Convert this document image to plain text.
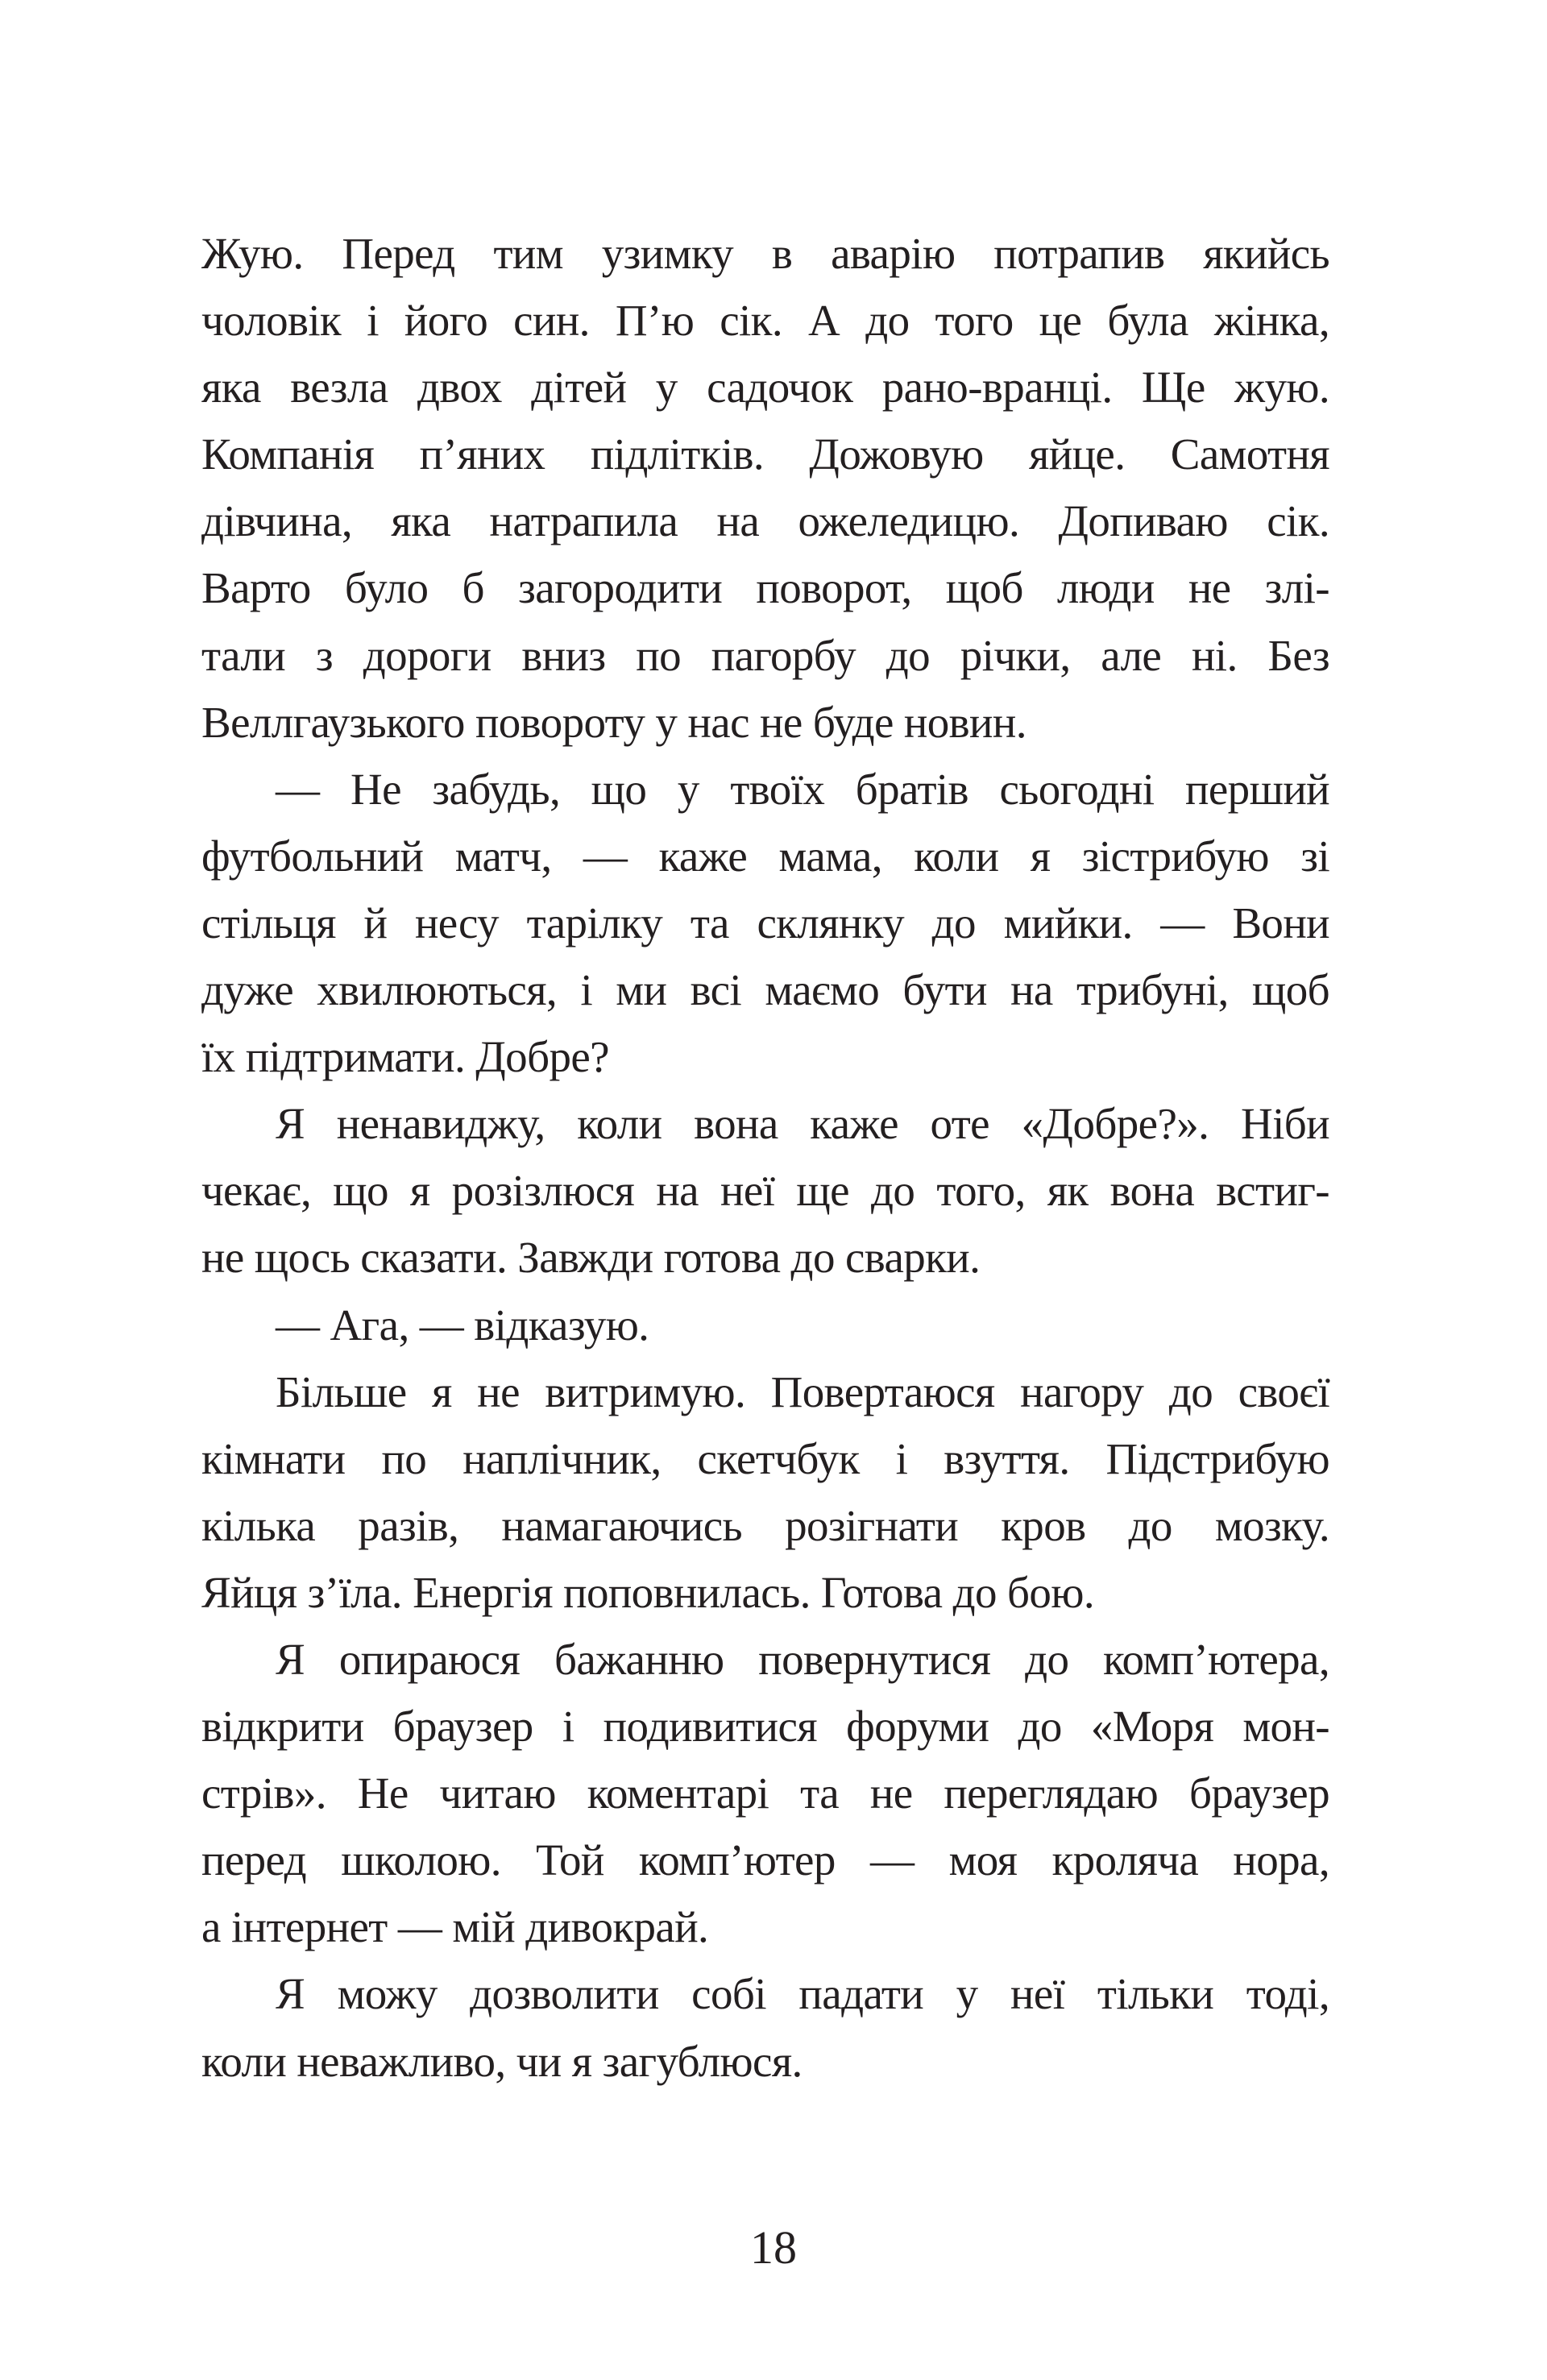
Жую. Перед тим узимку в аварію потрапив якийсь
чоловік і його син. П’ю сік. А до того це була жінка,
яка везла двох дітей у садочок рано-вранці. Ще жую.
Компанія п’яних підлітків. Дожовую яйце. Самотня
дівчина, яка натрапила на ожеледицю. Допиваю сік.
Варто було б загородити поворот, щоб люди не злі-
тали з дороги вниз по пагорбу до річки, але ні. Без
Веллгаузького повороту у нас не буде новин.
— Не забудь, що у твоїх братів сьогодні перший
футбольний матч, — каже мама, коли я зістрибую зі
стільця й несу тарілку та склянку до мийки. — Вони
дуже хвилюються, і ми всі маємо бути на трибуні, щоб
їх підтримати. Добре?
Я ненавиджу, коли вона каже оте «Добре?». Ніби
чекає, що я розізлюся на неї ще до того, як вона встиг-
не щось сказати. Завжди готова до сварки.
— Ага, — відказую.
Більше я не витримую. Повертаюся нагору до своєї
кімнати по наплічник, скетчбук і взуття. Підстрибую
кілька разів, намагаючись розігнати кров до мозку.
Яйця з’їла. Енергія поповнилась. Готова до бою.
Я опираюся бажанню повернутися до комп’ютера,
відкрити браузер і подивитися форуми до «Моря мон-
стрів». Не читаю коментарі та не переглядаю браузер
перед школою. Той комп’ютер — моя кроляча нора,
а інтернет — мій дивокрай.
Я можу дозволити собі падати у неї тільки тоді,
коли неважливо, чи я загублюся.
18
